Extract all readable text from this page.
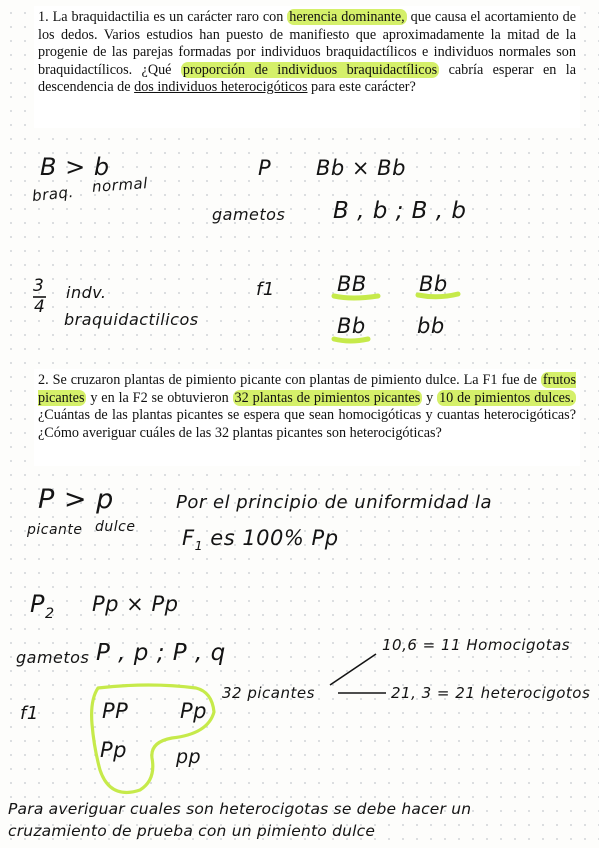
1. La braquidactilia es un carácter raro con herencia dominante, que causa el acortamiento de los dedos. Varios estudios han puesto de manifiesto que aproximadamente la mitad de la progenie de las parejas formadas por individuos braquidactílicos e individuos normales son braquidactílicos. ¿Qué proporción de individuos braquidactílicos cabría esperar en la descendencia de dos individuos heterocigóticos para este carácter?

B > b
braq. normal
P Bb × Bb
gametos B , b ; B , b
3
4
indv.
braquidactilicos
f1	BB Bb
Bb bb

2. Se cruzaron plantas de pimiento picante con plantas de pimiento dulce. La F1 fue de frutos picantes y en la F2 se obtuvieron 32 plantas de pimientos picantes y 10 de pimientos dulces. ¿Cuántas de las plantas picantes se espera que sean homocigóticas y cuantas heterocigóticas? ¿Cómo averiguar cuáles de las 32 plantas picantes son heterocigóticas?

P > p
picante dulce
Por el principio de uniformidad la
$F_1$ es 100% Pp
$P_2$ Pp × Pp
gametos P , p ; P , q
f1	PP Pp
Pp	pp
32 picantes
10,6 = 11 Homocigotas
21, 3 = 21 heterocigotos
Para averiguar cuales son heterocigotas se debe hacer un
cruzamiento de prueba con un pimiento dulce
